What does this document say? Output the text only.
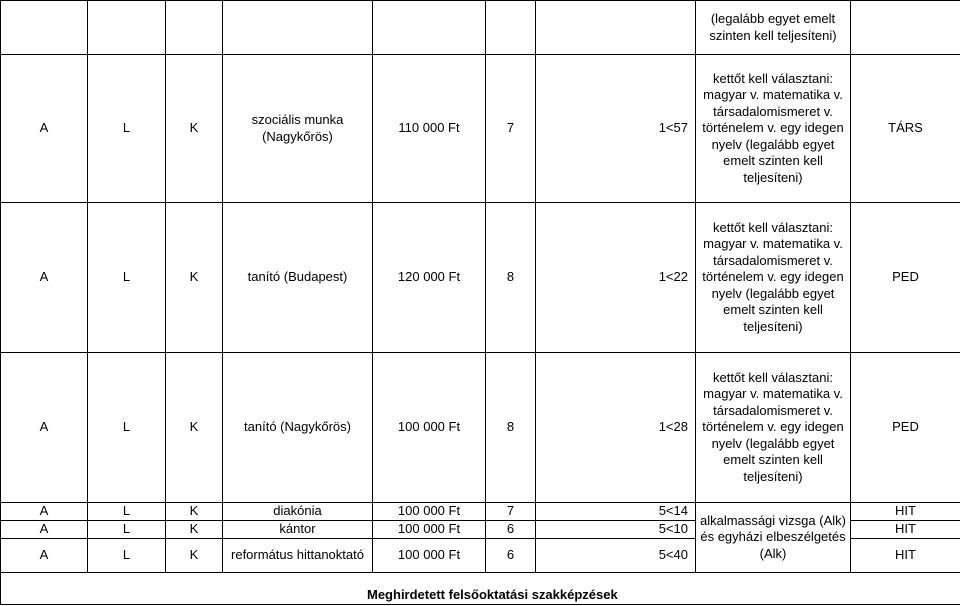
							(legalább egyet emelt szinten kell teljesíteni)	
A	L	K	szociális munka (Nagykőrös)	110 000 Ft	7	1<57	kettőt kell választani: magyar v. matematika v. társadalomismeret v. történelem v. egy idegen nyelv (legalább egyet emelt szinten kell teljesíteni)	TÁRS
A	L	K	tanító (Budapest)	120 000 Ft	8	1<22	kettőt kell választani: magyar v. matematika v. társadalomismeret v. történelem v. egy idegen nyelv (legalább egyet emelt szinten kell teljesíteni)	PED
A	L	K	tanító (Nagykőrös)	100 000 Ft	8	1<28	kettőt kell választani: magyar v. matematika v. társadalomismeret v. történelem v. egy idegen nyelv (legalább egyet emelt szinten kell teljesíteni)	PED
A	L	K	diakónia	100 000 Ft	7	5<14	alkalmassági vizsga (Alk) és egyházi elbeszélgetés (Alk)	HIT
A	L	K	kántor	100 000 Ft	6	5<10		HIT
A	L	K	református hittanoktató	100 000 Ft	6	5<40		HIT

Meghirdetett felsőoktatási szakképzések
